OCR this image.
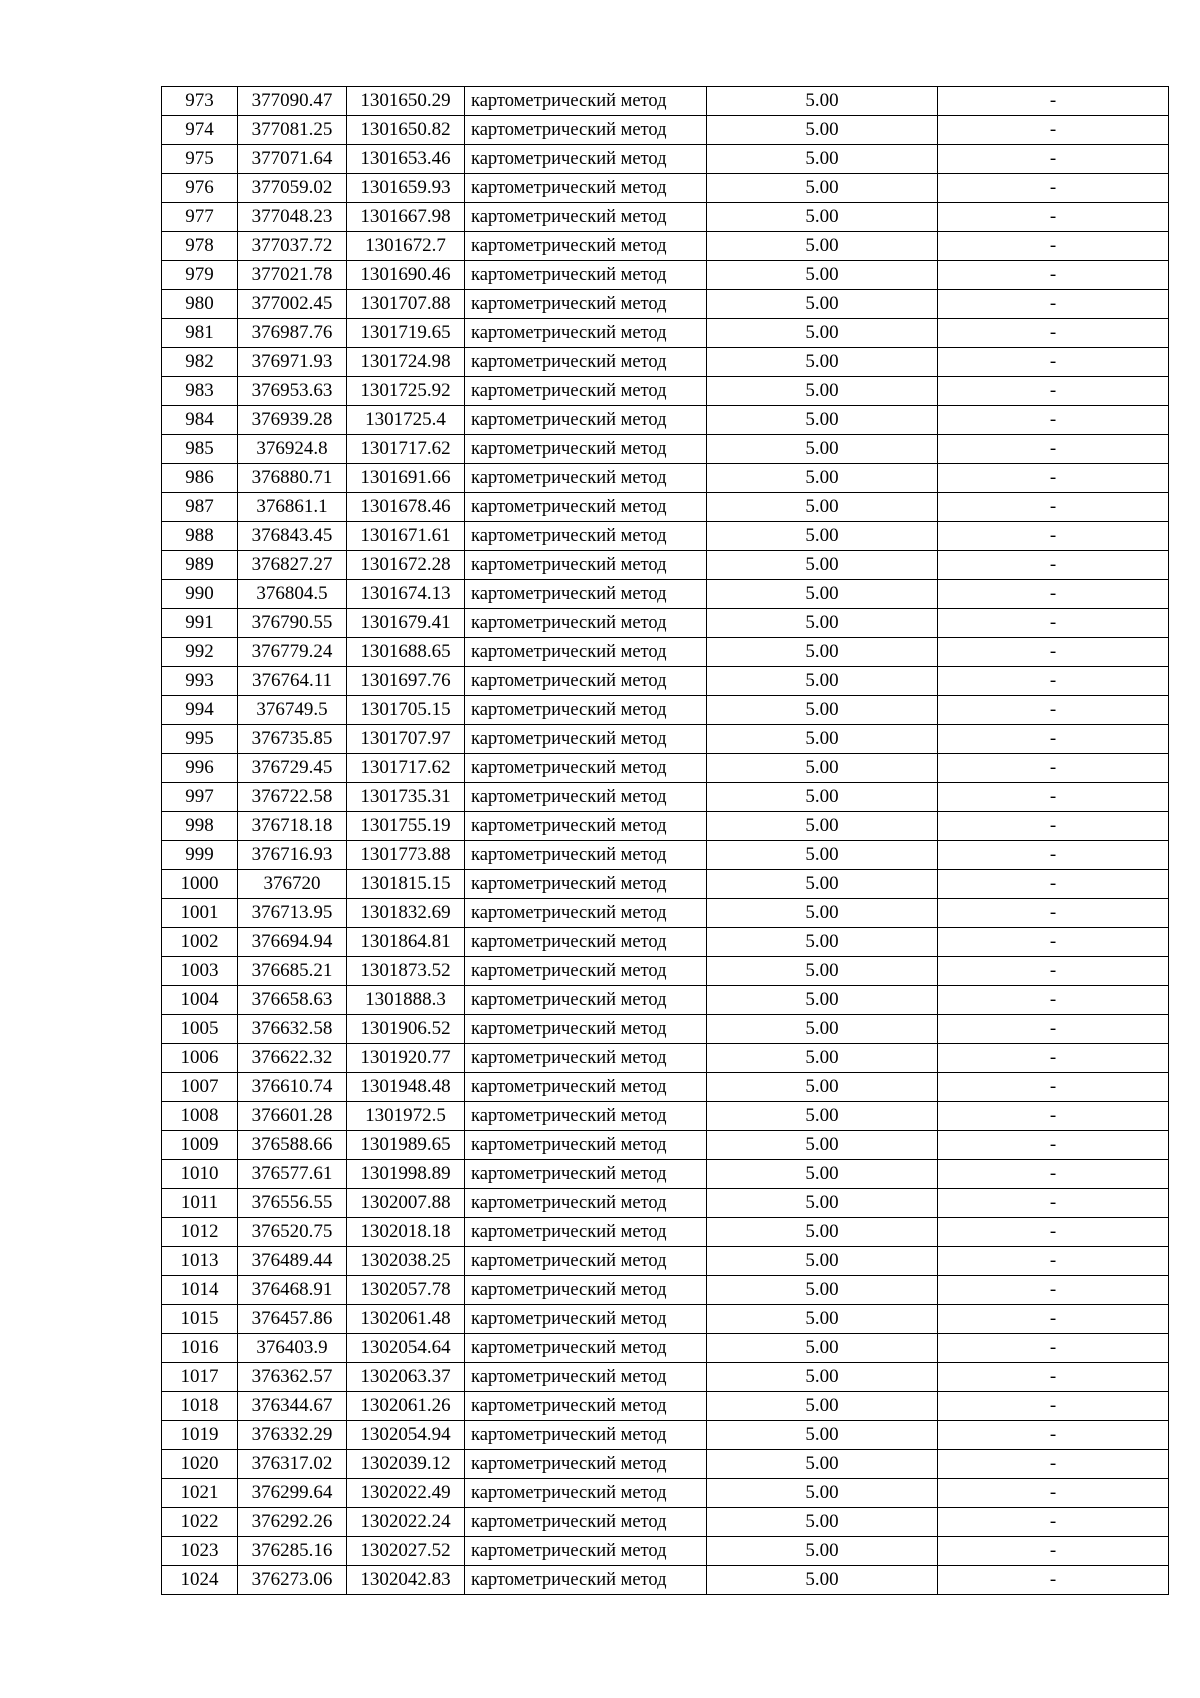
973	377090.47	1301650.29	картометрический метод	5.00	-
974	377081.25	1301650.82	картометрический метод	5.00	-
975	377071.64	1301653.46	картометрический метод	5.00	-
976	377059.02	1301659.93	картометрический метод	5.00	-
977	377048.23	1301667.98	картометрический метод	5.00	-
978	377037.72	1301672.7	картометрический метод	5.00	-
979	377021.78	1301690.46	картометрический метод	5.00	-
980	377002.45	1301707.88	картометрический метод	5.00	-
981	376987.76	1301719.65	картометрический метод	5.00	-
982	376971.93	1301724.98	картометрический метод	5.00	-
983	376953.63	1301725.92	картометрический метод	5.00	-
984	376939.28	1301725.4	картометрический метод	5.00	-
985	376924.8	1301717.62	картометрический метод	5.00	-
986	376880.71	1301691.66	картометрический метод	5.00	-
987	376861.1	1301678.46	картометрический метод	5.00	-
988	376843.45	1301671.61	картометрический метод	5.00	-
989	376827.27	1301672.28	картометрический метод	5.00	-
990	376804.5	1301674.13	картометрический метод	5.00	-
991	376790.55	1301679.41	картометрический метод	5.00	-
992	376779.24	1301688.65	картометрический метод	5.00	-
993	376764.11	1301697.76	картометрический метод	5.00	-
994	376749.5	1301705.15	картометрический метод	5.00	-
995	376735.85	1301707.97	картометрический метод	5.00	-
996	376729.45	1301717.62	картометрический метод	5.00	-
997	376722.58	1301735.31	картометрический метод	5.00	-
998	376718.18	1301755.19	картометрический метод	5.00	-
999	376716.93	1301773.88	картометрический метод	5.00	-
1000	376720	1301815.15	картометрический метод	5.00	-
1001	376713.95	1301832.69	картометрический метод	5.00	-
1002	376694.94	1301864.81	картометрический метод	5.00	-
1003	376685.21	1301873.52	картометрический метод	5.00	-
1004	376658.63	1301888.3	картометрический метод	5.00	-
1005	376632.58	1301906.52	картометрический метод	5.00	-
1006	376622.32	1301920.77	картометрический метод	5.00	-
1007	376610.74	1301948.48	картометрический метод	5.00	-
1008	376601.28	1301972.5	картометрический метод	5.00	-
1009	376588.66	1301989.65	картометрический метод	5.00	-
1010	376577.61	1301998.89	картометрический метод	5.00	-
1011	376556.55	1302007.88	картометрический метод	5.00	-
1012	376520.75	1302018.18	картометрический метод	5.00	-
1013	376489.44	1302038.25	картометрический метод	5.00	-
1014	376468.91	1302057.78	картометрический метод	5.00	-
1015	376457.86	1302061.48	картометрический метод	5.00	-
1016	376403.9	1302054.64	картометрический метод	5.00	-
1017	376362.57	1302063.37	картометрический метод	5.00	-
1018	376344.67	1302061.26	картометрический метод	5.00	-
1019	376332.29	1302054.94	картометрический метод	5.00	-
1020	376317.02	1302039.12	картометрический метод	5.00	-
1021	376299.64	1302022.49	картометрический метод	5.00	-
1022	376292.26	1302022.24	картометрический метод	5.00	-
1023	376285.16	1302027.52	картометрический метод	5.00	-
1024	376273.06	1302042.83	картометрический метод	5.00	-
